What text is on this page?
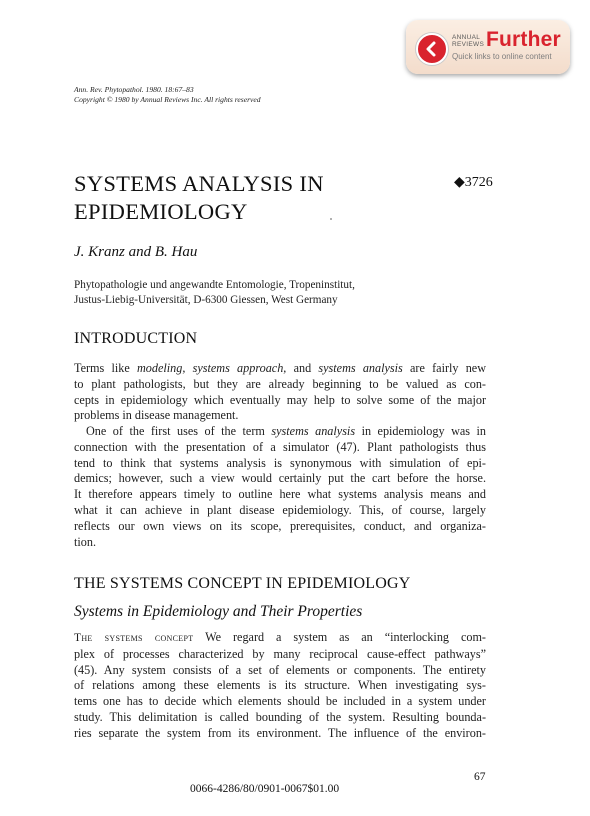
ANNUAL
REVIEWS Further
Quick links to online content
Ann. Rev. Phytopathol. 1980. 18:67–83
Copyright © 1980 by Annual Reviews Inc. All rights reserved
SYSTEMS ANALYSIS IN
EPIDEMIOLOGY
◆3726
J. Kranz and B. Hau
Phytopathologie und angewandte Entomologie, Tropeninstitut,
Justus-Liebig-Universität, D-6300 Giessen, West Germany
INTRODUCTION
Terms like modeling, systems approach, and systems analysis are fairly new
to plant pathologists, but they are already beginning to be valued as con-
cepts in epidemiology which eventually may help to solve some of the major
problems in disease management.
One of the first uses of the term systems analysis in epidemiology was in
connection with the presentation of a simulator (47). Plant pathologists thus
tend to think that systems analysis is synonymous with simulation of epi-
demics; however, such a view would certainly put the cart before the horse.
It therefore appears timely to outline here what systems analysis means and
what it can achieve in plant disease epidemiology. This, of course, largely
reflects our own views on its scope, prerequisites, conduct, and organiza-
tion.
THE SYSTEMS CONCEPT IN EPIDEMIOLOGY
Systems in Epidemiology and Their Properties
The systems concept We regard a system as an “interlocking com-
plex of processes characterized by many reciprocal cause-effect pathways”
(45). Any system consists of a set of elements or components. The entirety
of relations among these elements is its structure. When investigating sys-
tems one has to decide which elements should be included in a system under
study. This delimitation is called bounding of the system. Resulting bounda-
ries separate the system from its environment. The influence of the environ-
67
0066-4286/80/0901-0067$01.00
